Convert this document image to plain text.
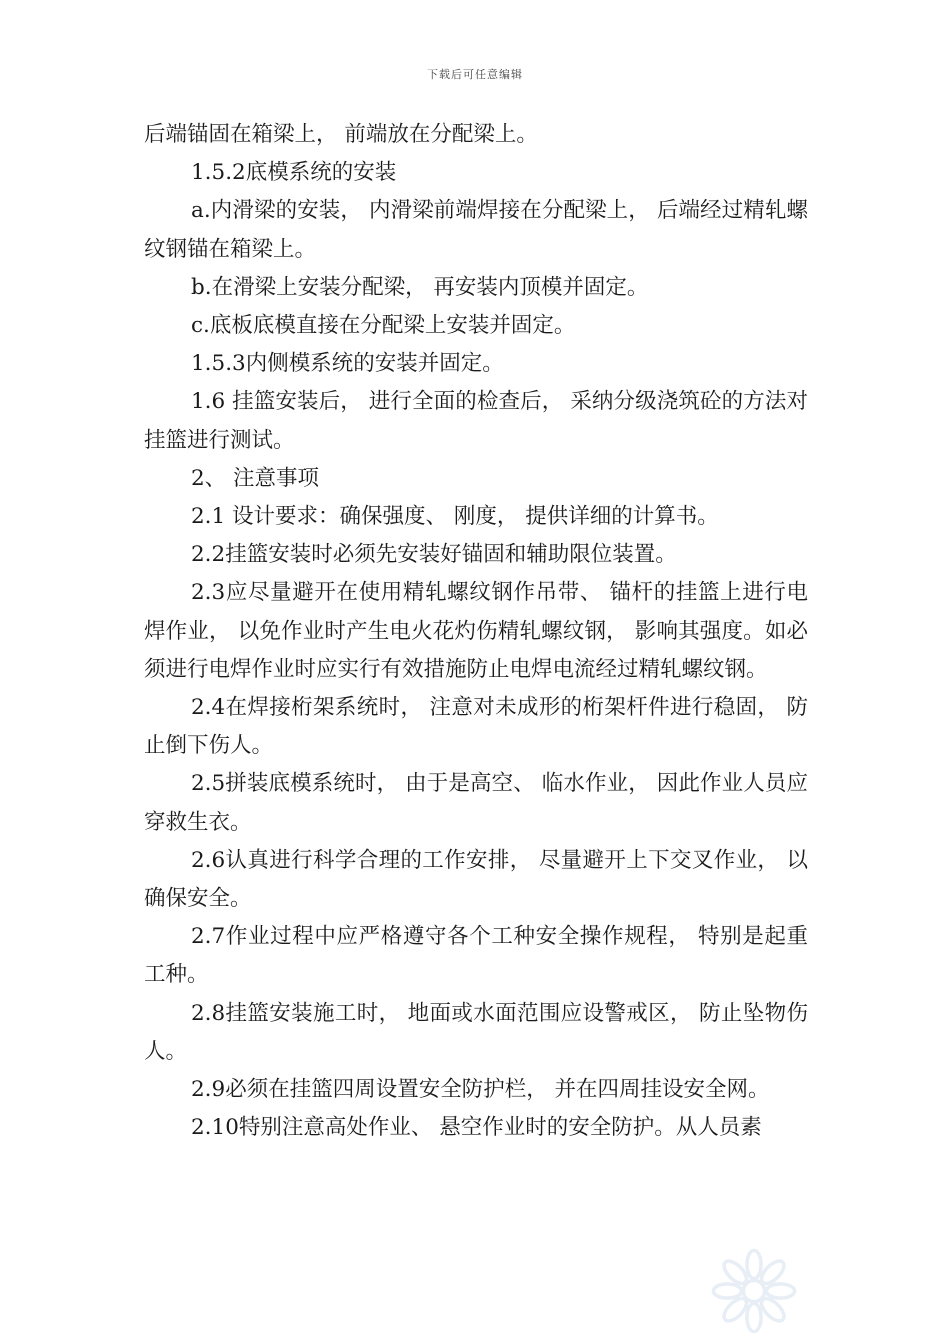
下载后可任意编辑

后端锚固在箱梁上， 前端放在分配梁上。

1.5.2底模系统的安装

a.内滑梁的安装， 内滑梁前端焊接在分配梁上， 后端经过精轧螺纹钢锚在箱梁上。

b.在滑梁上安装分配梁， 再安装内顶模并固定。

c.底板底模直接在分配梁上安装并固定。

1.5.3内侧模系统的安装并固定。

1.6 挂篮安装后， 进行全面的检查后， 采纳分级浇筑砼的方法对挂篮进行测试。

2、 注意事项

2.1 设计要求：确保强度、 刚度， 提供详细的计算书。

2.2挂篮安装时必须先安装好锚固和辅助限位装置。

2.3应尽量避开在使用精轧螺纹钢作吊带、 锚杆的挂篮上进行电焊作业， 以免作业时产生电火花灼伤精轧螺纹钢， 影响其强度。如必须进行电焊作业时应实行有效措施防止电焊电流经过精轧螺纹钢。

2.4在焊接桁架系统时， 注意对未成形的桁架杆件进行稳固， 防止倒下伤人。

2.5拼装底模系统时， 由于是高空、 临水作业， 因此作业人员应穿救生衣。

2.6认真进行科学合理的工作安排， 尽量避开上下交叉作业， 以确保安全。

2.7作业过程中应严格遵守各个工种安全操作规程， 特别是起重工种。

2.8挂篮安装施工时， 地面或水面范围应设警戒区， 防止坠物伤人。

2.9必须在挂篮四周设置安全防护栏， 并在四周挂设安全网。

2.10特别注意高处作业、 悬空作业时的安全防护。从人员素
